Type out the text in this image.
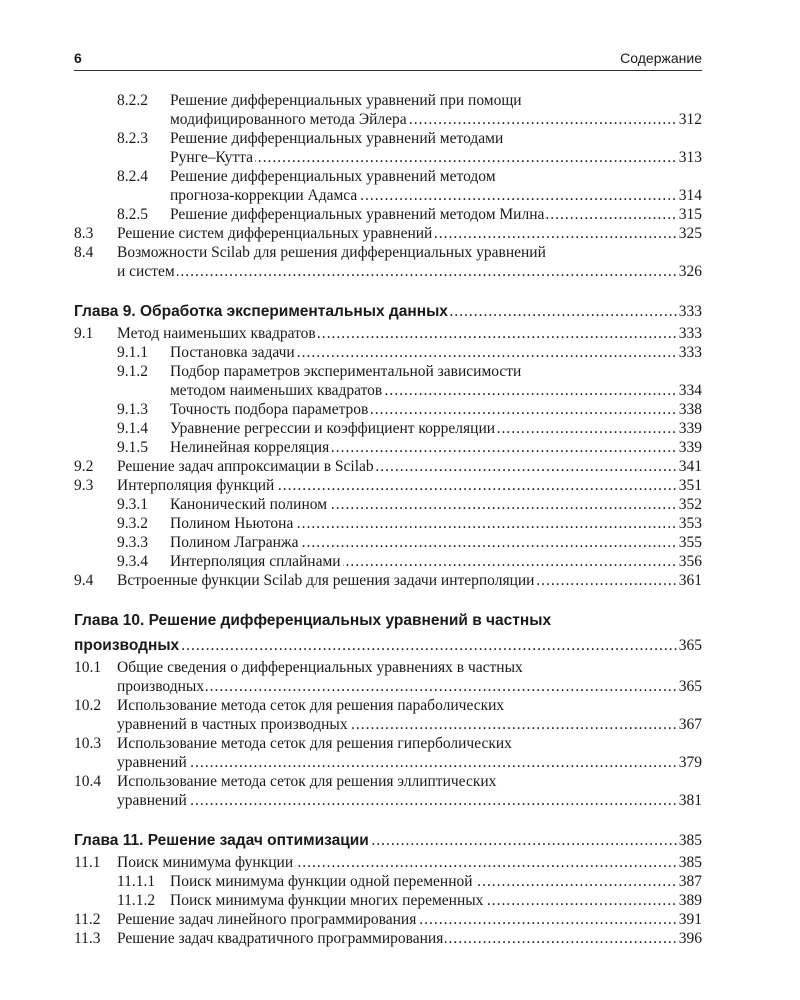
6	Содержание
8.2.2	Решение дифференциальных уравнений при помощи
модифицированного метода Эйлера .....	312
8.2.3	Решение дифференциальных уравнений методами
Рунге–Кутта .....	313
8.2.4	Решение дифференциальных уравнений методом
прогноза-коррекции Адамса .....	314
8.2.5	Решение дифференциальных уравнений методом Милна .....	315
8.3	Решение систем дифференциальных уравнений .....	325
8.4	Возможности Scilab для решения дифференциальных уравнений
и систем .....	326
Глава 9. Обработка экспериментальных данных .....	333
9.1	Метод наименьших квадратов .....	333
9.1.1	Постановка задачи .....	333
9.1.2	Подбор параметров экспериментальной зависимости
методом наименьших квадратов .....	334
9.1.3	Точность подбора параметров .....	338
9.1.4	Уравнение регрессии и коэффициент корреляции .....	339
9.1.5	Нелинейная корреляция .....	339
9.2	Решение задач аппроксимации в Scilab .....	341
9.3	Интерполяция функций .....	351
9.3.1	Канонический полином .....	352
9.3.2	Полином Ньютона .....	353
9.3.3	Полином Лагранжа .....	355
9.3.4	Интерполяция сплайнами .....	356
9.4	Встроенные функции Scilab для решения задачи интерполяции .....	361
Глава 10. Решение дифференциальных уравнений в частных
производных .....	365
10.1	Общие сведения о дифференциальных уравнениях в частных
производных .....	365
10.2	Использование метода сеток для решения параболических
уравнений в частных производных .....	367
10.3	Использование метода сеток для решения гиперболических
уравнений .....	379
10.4	Использование метода сеток для решения эллиптических
уравнений .....	381
Глава 11. Решение задач оптимизации .....	385
11.1	Поиск минимума функции .....	385
11.1.1 Поиск минимума функции одной переменной .....	387
11.1.2 Поиск минимума функции многих переменных .....	389
11.2	Решение задач линейного программирования .....	391
11.3	Решение задач квадратичного программирования .....	396
